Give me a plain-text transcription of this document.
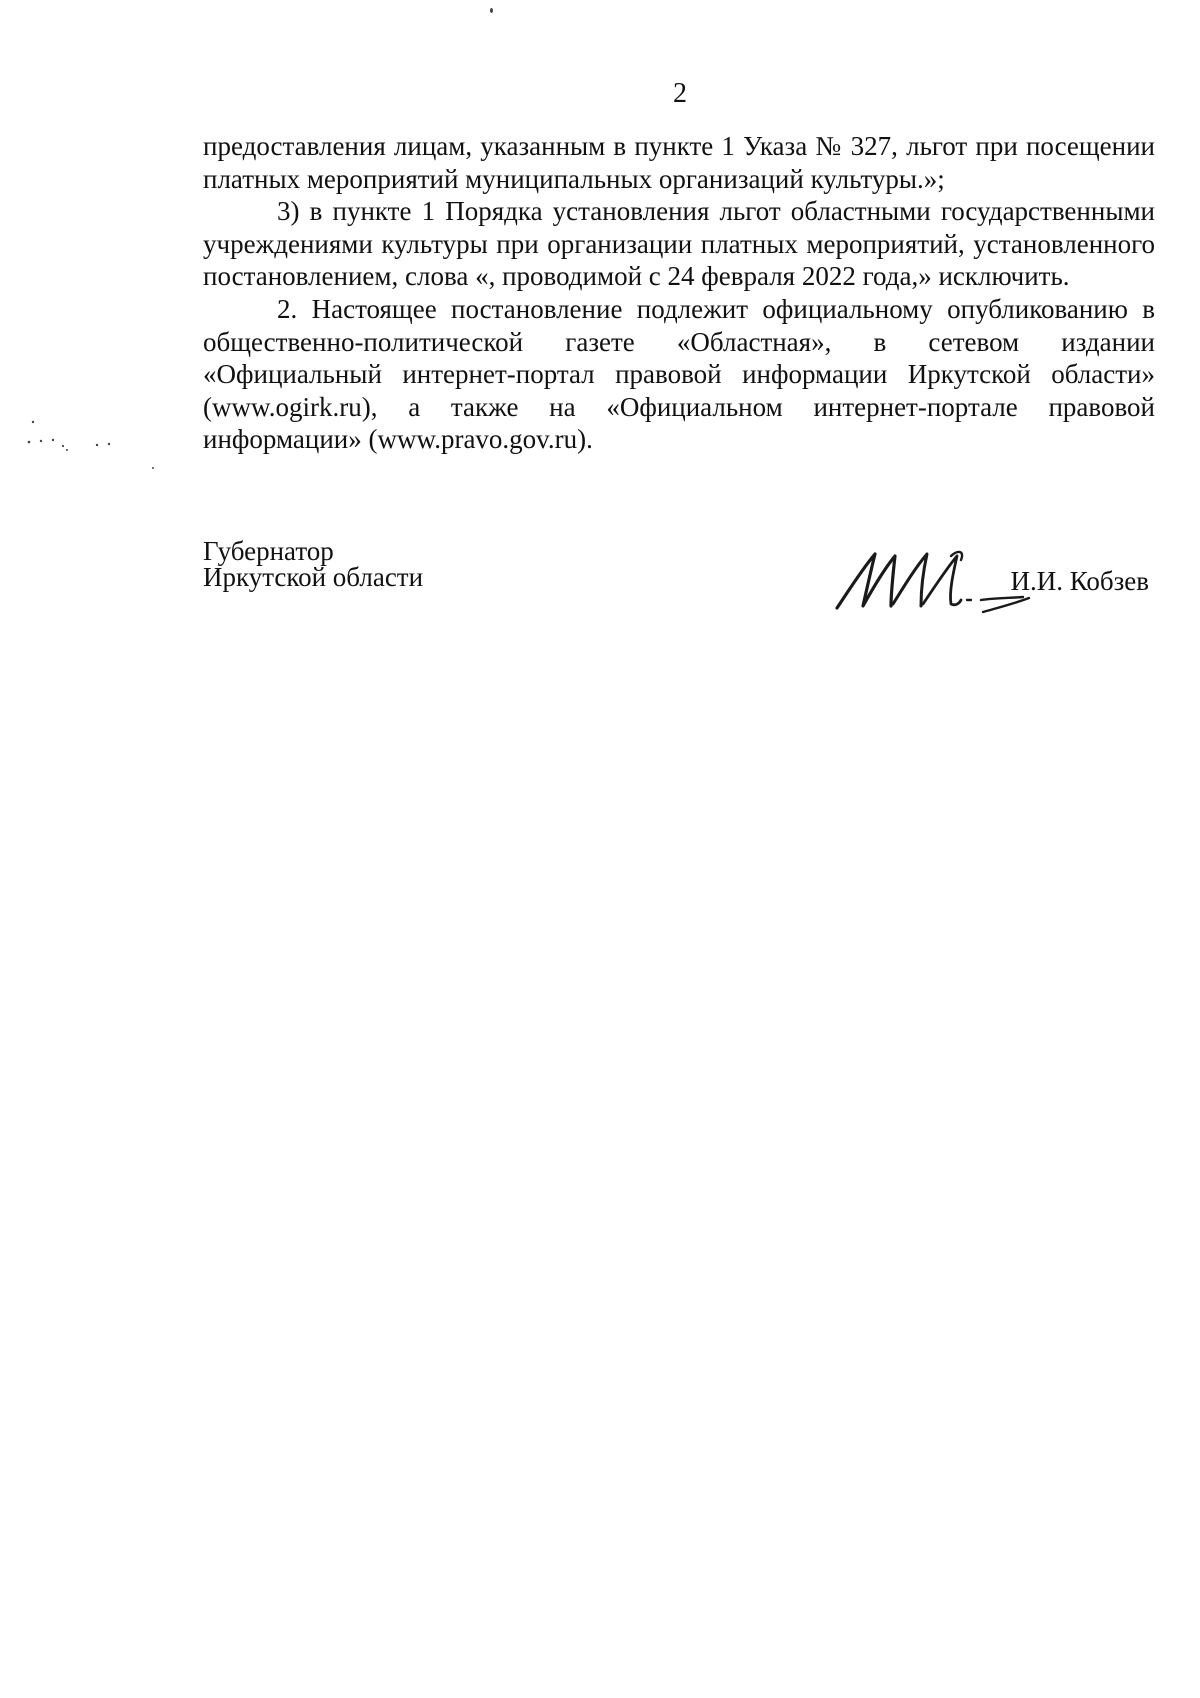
2

предоставления лицам, указанным в пункте 1 Указа № 327, льгот при посещении платных мероприятий муниципальных организаций культуры.»;

3) в пункте 1 Порядка установления льгот областными государственными учреждениями культуры при организации платных мероприятий, установленного постановлением, слова «, проводимой с 24 февраля 2022 года,» исключить.

2. Настоящее постановление подлежит официальному опубликованию в общественно-политической газете «Областная», в сетевом издании «Официальный интернет-портал правовой информации Иркутской области» (www.ogirk.ru), а также на «Официальном интернет-портале правовой информации» (www.pravo.gov.ru).

Губернатор
Иркутской области	И.И. Кобзев
